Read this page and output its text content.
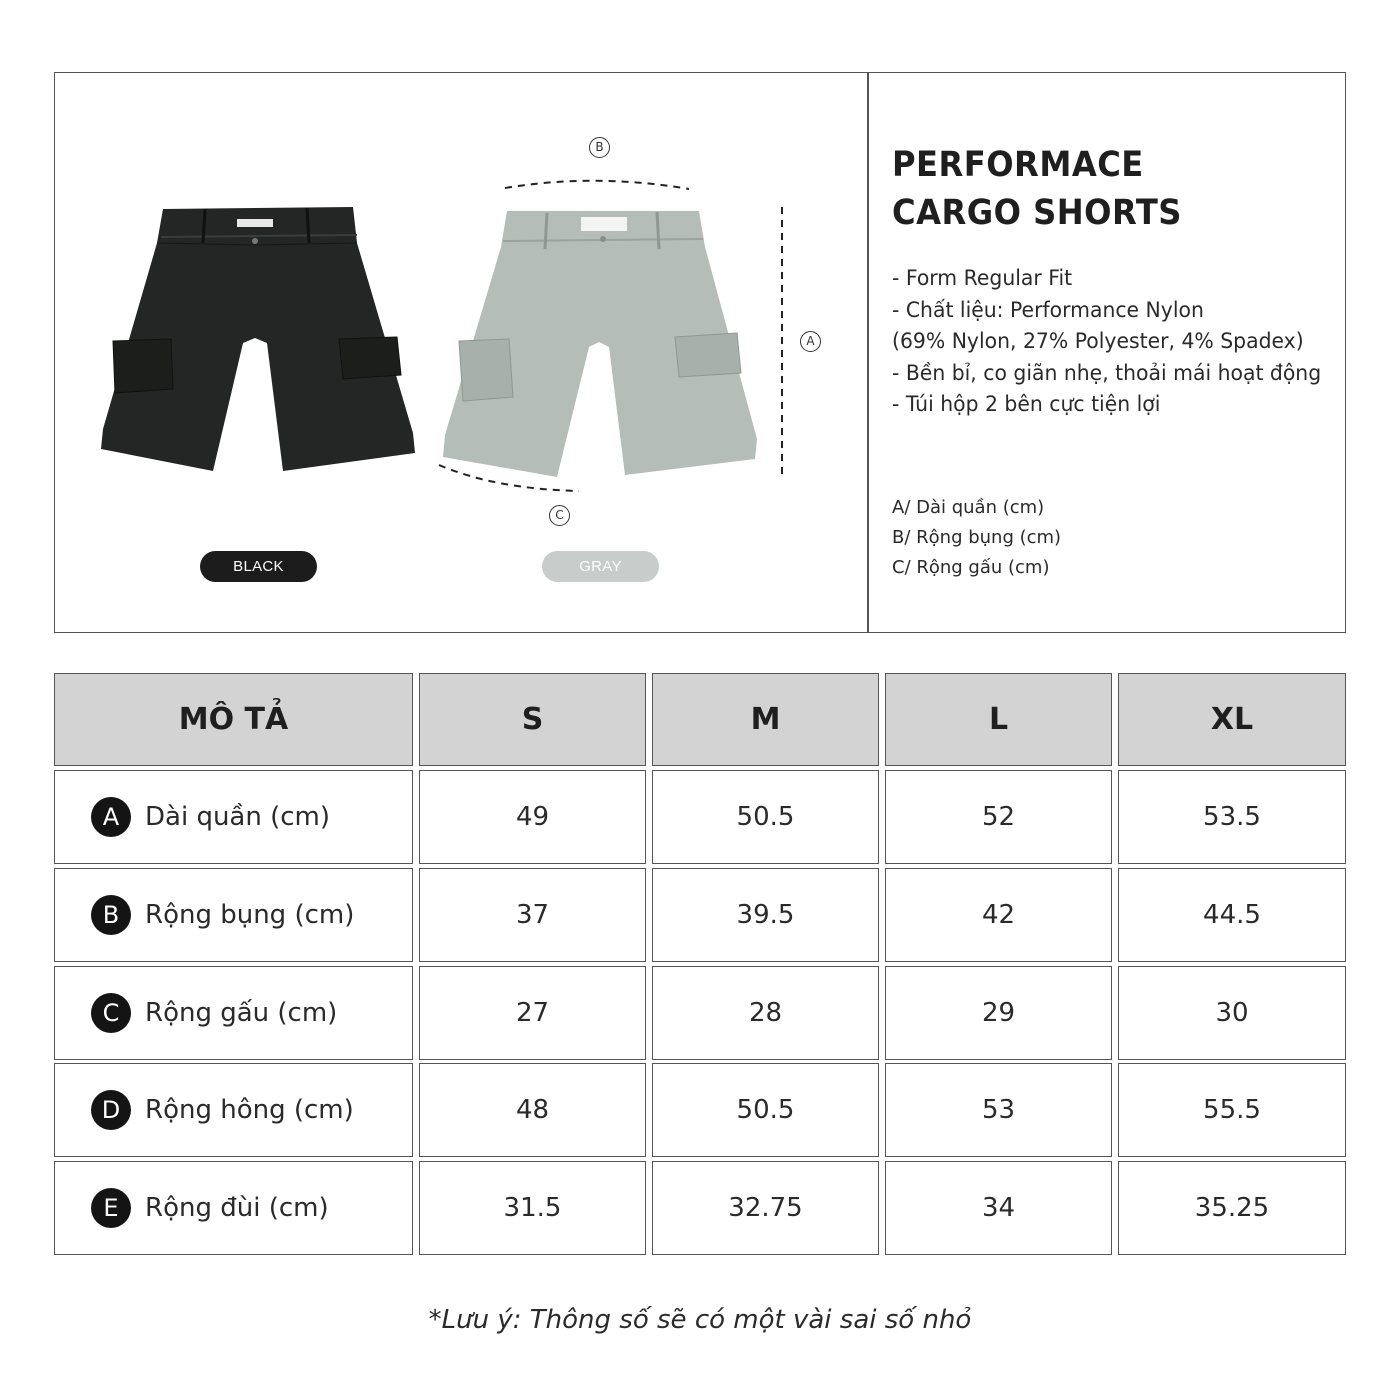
B
A
C
BLACK	GRAY
PERFORMACE
CARGO SHORTS
- Form Regular Fit
- Chất liệu: Performance Nylon
(69% Nylon, 27% Polyester, 4% Spadex)
- Bền bỉ, co giãn nhẹ, thoải mái hoạt động
- Túi hộp 2 bên cực tiện lợi
A/ Dài quần (cm)
B/ Rộng bụng (cm)
C/ Rộng gấu (cm)
MÔ TẢ	S	M	L	XL
A Dài quần (cm)	49	50.5	52	53.5
B Rộng bụng (cm)	37	39.5	42	44.5
C Rộng gấu (cm)	27	28	29	30
D Rộng hông (cm)	48	50.5	53	55.5
E	Rộng đùi (cm)	31.5	32.75	34	35.25
*Lưu ý: Thông số sẽ có một vài sai số nhỏ
